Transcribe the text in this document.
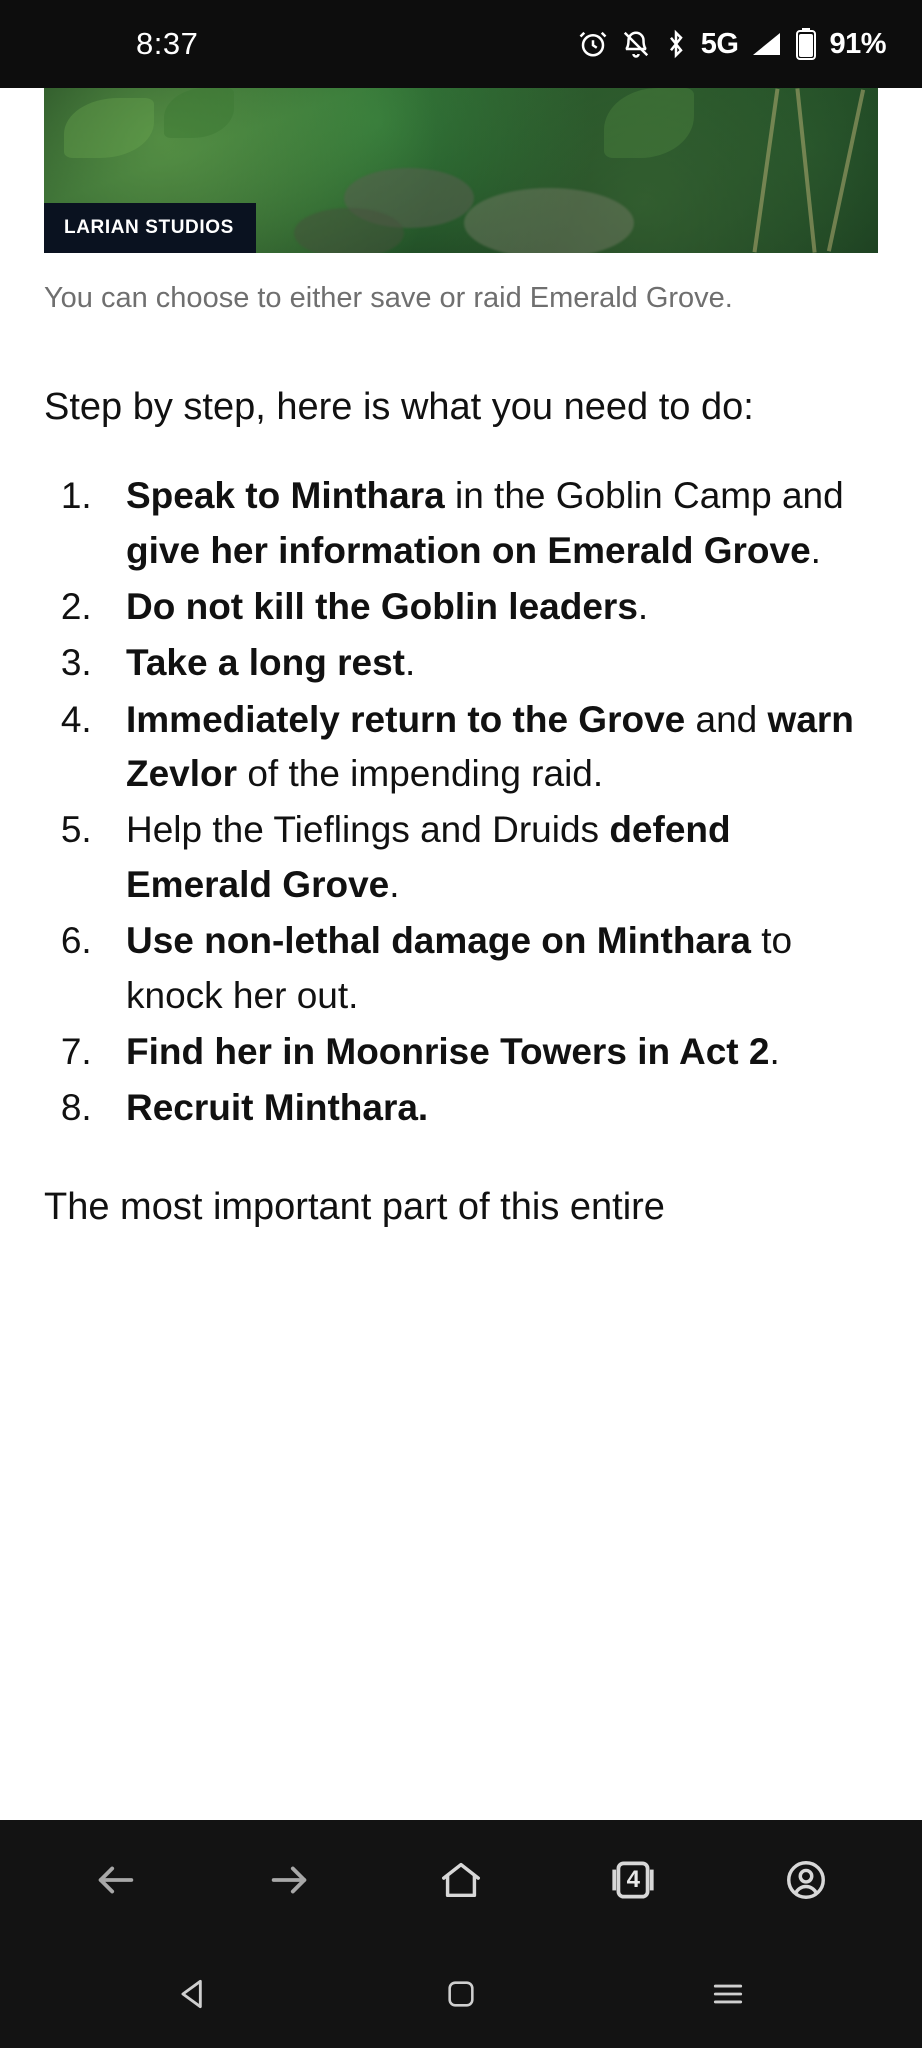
8:37	5G	91%
LARIAN STUDIOS
You can choose to either save or raid Emerald Grove.
Step by step, here is what you need to do:
1. Speak to Minthara in the Goblin Camp and give her information on Emerald Grove.
2. Do not kill the Goblin leaders.
3. Take a long rest.
4. Immediately return to the Grove and warn Zevlor of the impending raid.
5. Help the Tieflings and Druids defend Emerald Grove.
6. Use non-lethal damage on Minthara to knock her out.
7. Find her in Moonrise Towers in Act 2.
8. Recruit Minthara.
The most important part of this entire
4
